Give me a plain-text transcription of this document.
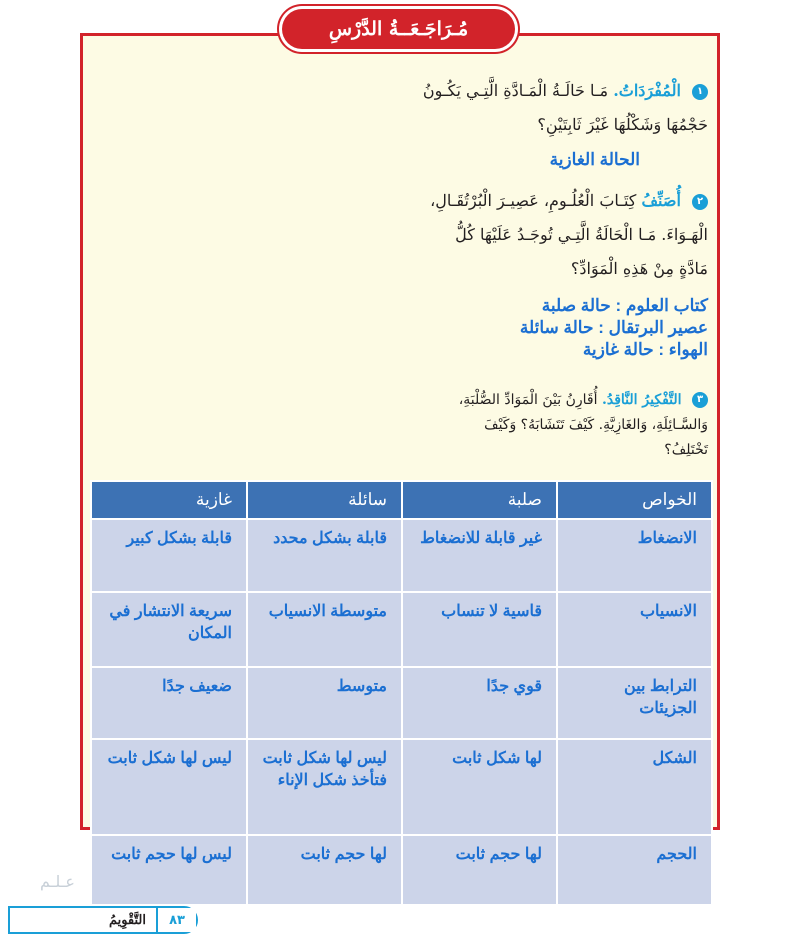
مُـرَاجَـعَــةُ الدَّرْسِ
١ الْمُفْرَدَاتُ. مَـا حَالَـةُ الْمَـادَّةِ الَّتِـي يَكُـونُ
حَجْمُهَا وَشَكْلُهَا غَيْرَ ثَابِتَيْنِ؟
الحالة الغازية
٢ أُصَنِّفُ كِتَـابَ الْعُلُـومِ، عَصِيـرَ الْبُرْتُقَـالِ،
الْهَـوَاءَ. مَـا الْحَالَةُ الَّتِـي تُوجَـدُ عَلَيْهَا كُلُّ
مَادَّةٍ مِنْ هَذِهِ الْمَوَادِّ؟
كتاب العلوم : حالة صلبة
عصير البرتقال : حالة سائلة
الهواء : حالة غازية
٣ التَّفْكِيرُ النَّاقِدُ. أُقَارِنُ بَيْنَ الْمَوَادِّ الصُّلْبَةِ،
وَالسَّـائِلَةِ، وَالغَازِيَّةِ. كَيْفَ تَتَشَابَهُ؟ وَكَيْفَ
تَخْتَلِفُ؟
الخواص	صلبة	سائلة	غازية
الانضغاط	غير قابلة للانضغاط	قابلة بشكل محدد	قابلة بشكل كبير
الانسياب	قاسية لا تنساب	متوسطة الانسياب	سريعة الانتشار في المكان
الترابط بين الجزيئات	قوي جدًا	متوسط	ضعيف جدًا
الشكل	لها شكل ثابت	ليس لها شكل ثابت فتأخذ شكل الإناء	ليس لها شكل ثابت
الحجم	لها حجم ثابت	لها حجم ثابت	ليس لها حجم ثابت
عـلـم
٨٣
التَّقْوِيمُ
